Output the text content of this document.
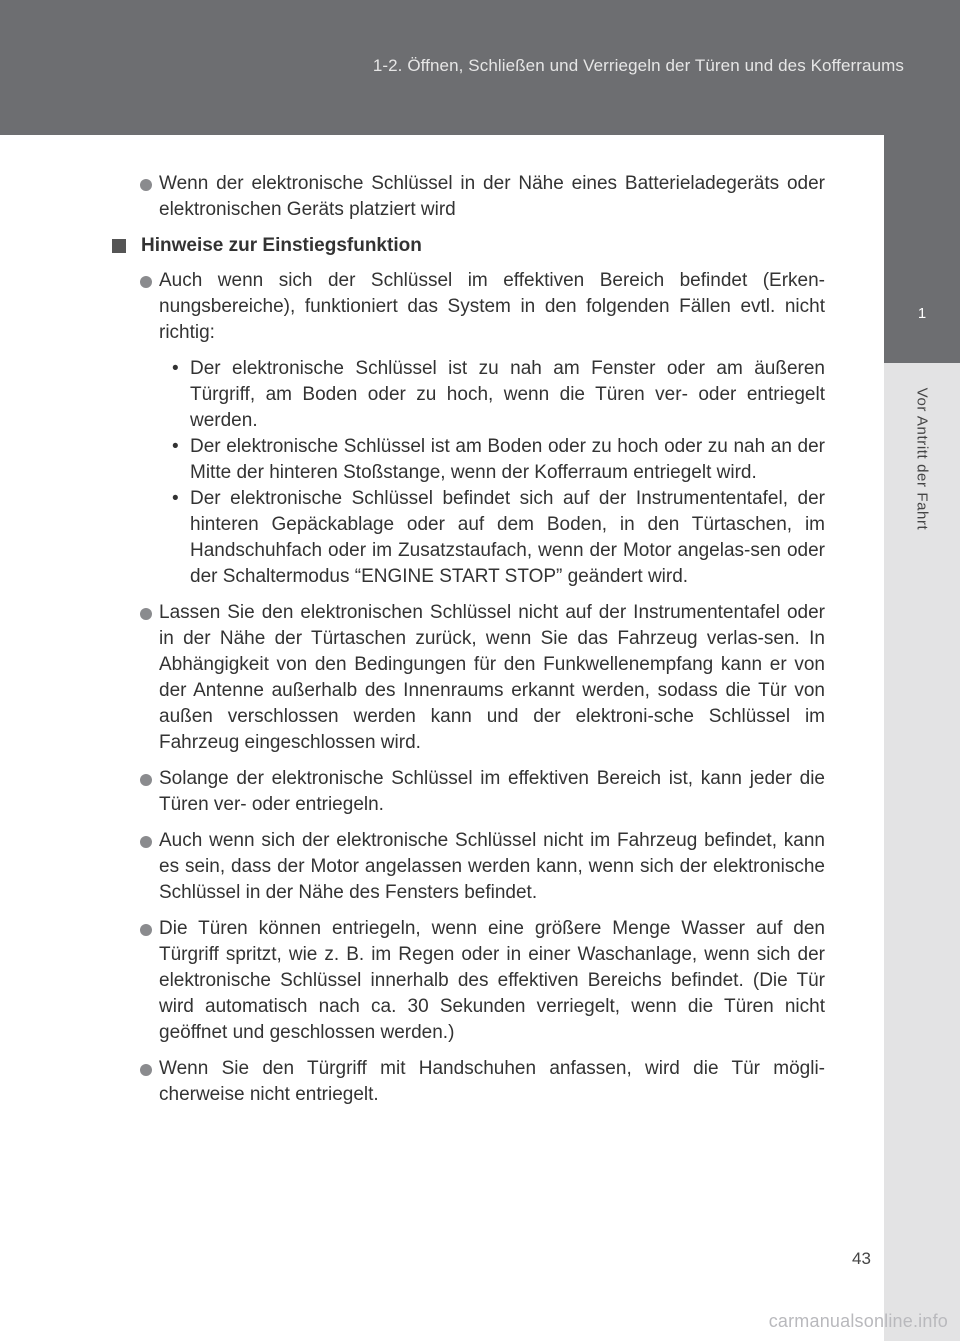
1-2. Öffnen, Schließen und Verriegeln der Türen und des Kofferraums
1
Vor Antritt der Fahrt
Wenn der elektronische Schlüssel in der Nähe eines Batterieladegeräts oder elektronischen Geräts platziert wird
Hinweise zur Einstiegsfunktion
Auch wenn sich der Schlüssel im effektiven Bereich befindet (Erken-nungsbereiche), funktioniert das System in den folgenden Fällen evtl. nicht richtig:
• Der elektronische Schlüssel ist zu nah am Fenster oder am äußeren Türgriff, am Boden oder zu hoch, wenn die Türen ver- oder entriegelt werden.
• Der elektronische Schlüssel ist am Boden oder zu hoch oder zu nah an der Mitte der hinteren Stoßstange, wenn der Kofferraum entriegelt wird.
• Der elektronische Schlüssel befindet sich auf der Instrumententafel, der hinteren Gepäckablage oder auf dem Boden, in den Türtaschen, im Handschuhfach oder im Zusatzstaufach, wenn der Motor angelas-sen oder der Schaltermodus “ENGINE START STOP” geändert wird.
Lassen Sie den elektronischen Schlüssel nicht auf der Instrumententafel oder in der Nähe der Türtaschen zurück, wenn Sie das Fahrzeug verlas-sen. In Abhängigkeit von den Bedingungen für den Funkwellenempfang kann er von der Antenne außerhalb des Innenraums erkannt werden, sodass die Tür von außen verschlossen werden kann und der elektroni-sche Schlüssel im Fahrzeug eingeschlossen wird.
Solange der elektronische Schlüssel im effektiven Bereich ist, kann jeder die Türen ver- oder entriegeln.
Auch wenn sich der elektronische Schlüssel nicht im Fahrzeug befindet, kann es sein, dass der Motor angelassen werden kann, wenn sich der elektronische Schlüssel in der Nähe des Fensters befindet.
Die Türen können entriegeln, wenn eine größere Menge Wasser auf den Türgriff spritzt, wie z. B. im Regen oder in einer Waschanlage, wenn sich der elektronische Schlüssel innerhalb des effektiven Bereichs befindet. (Die Tür wird automatisch nach ca. 30 Sekunden verriegelt, wenn die Türen nicht geöffnet und geschlossen werden.)
Wenn Sie den Türgriff mit Handschuhen anfassen, wird die Tür mögli-cherweise nicht entriegelt.
43
carmanualsonline.info
